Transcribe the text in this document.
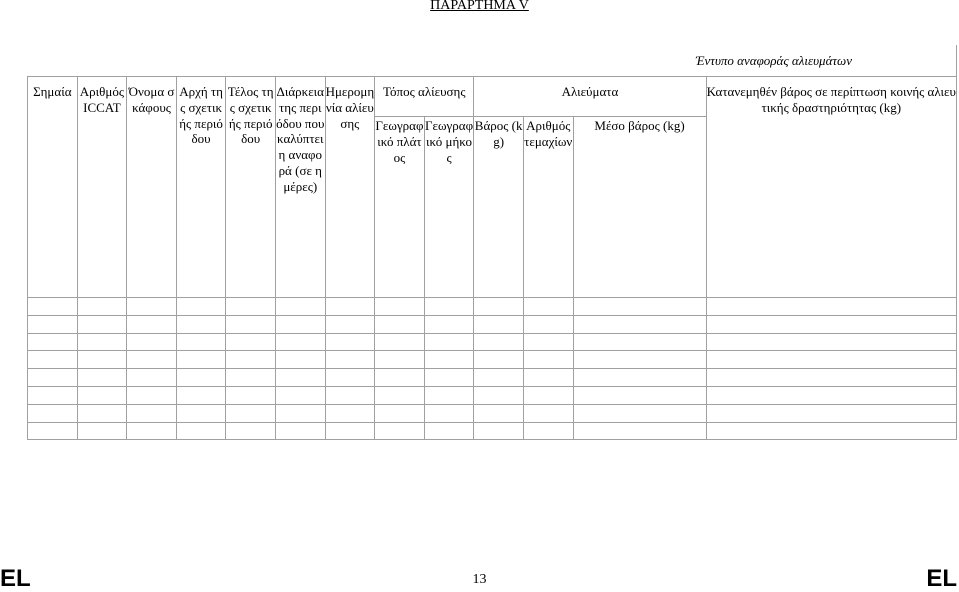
ΠΑΡΑΡΤΗΜΑ V
Έντυπο αναφοράς αλιευμάτων												
Σημαία	Αριθμός ICCAT	Όνομα σκάφους	Αρχή της σχετικής περιόδου	Τέλος της σχετικής περιόδου	Διάρκεια της περιόδου που καλύπτει η αναφορά (σε ημέρες)	Ημερομηνία αλίευσης	Τόπος αλίευσης		Αλιεύματα			Κατανεμηθέν βάρος σε περίπτωση κοινής αλιευτικής δραστηριότητας (kg)
							Γεωγραφικό πλάτος	Γεωγραφικό μήκος	Βάρος (kg)	Αριθμός τεμαχίων	Μέσο βάρος (kg)	

EL	13	EL
